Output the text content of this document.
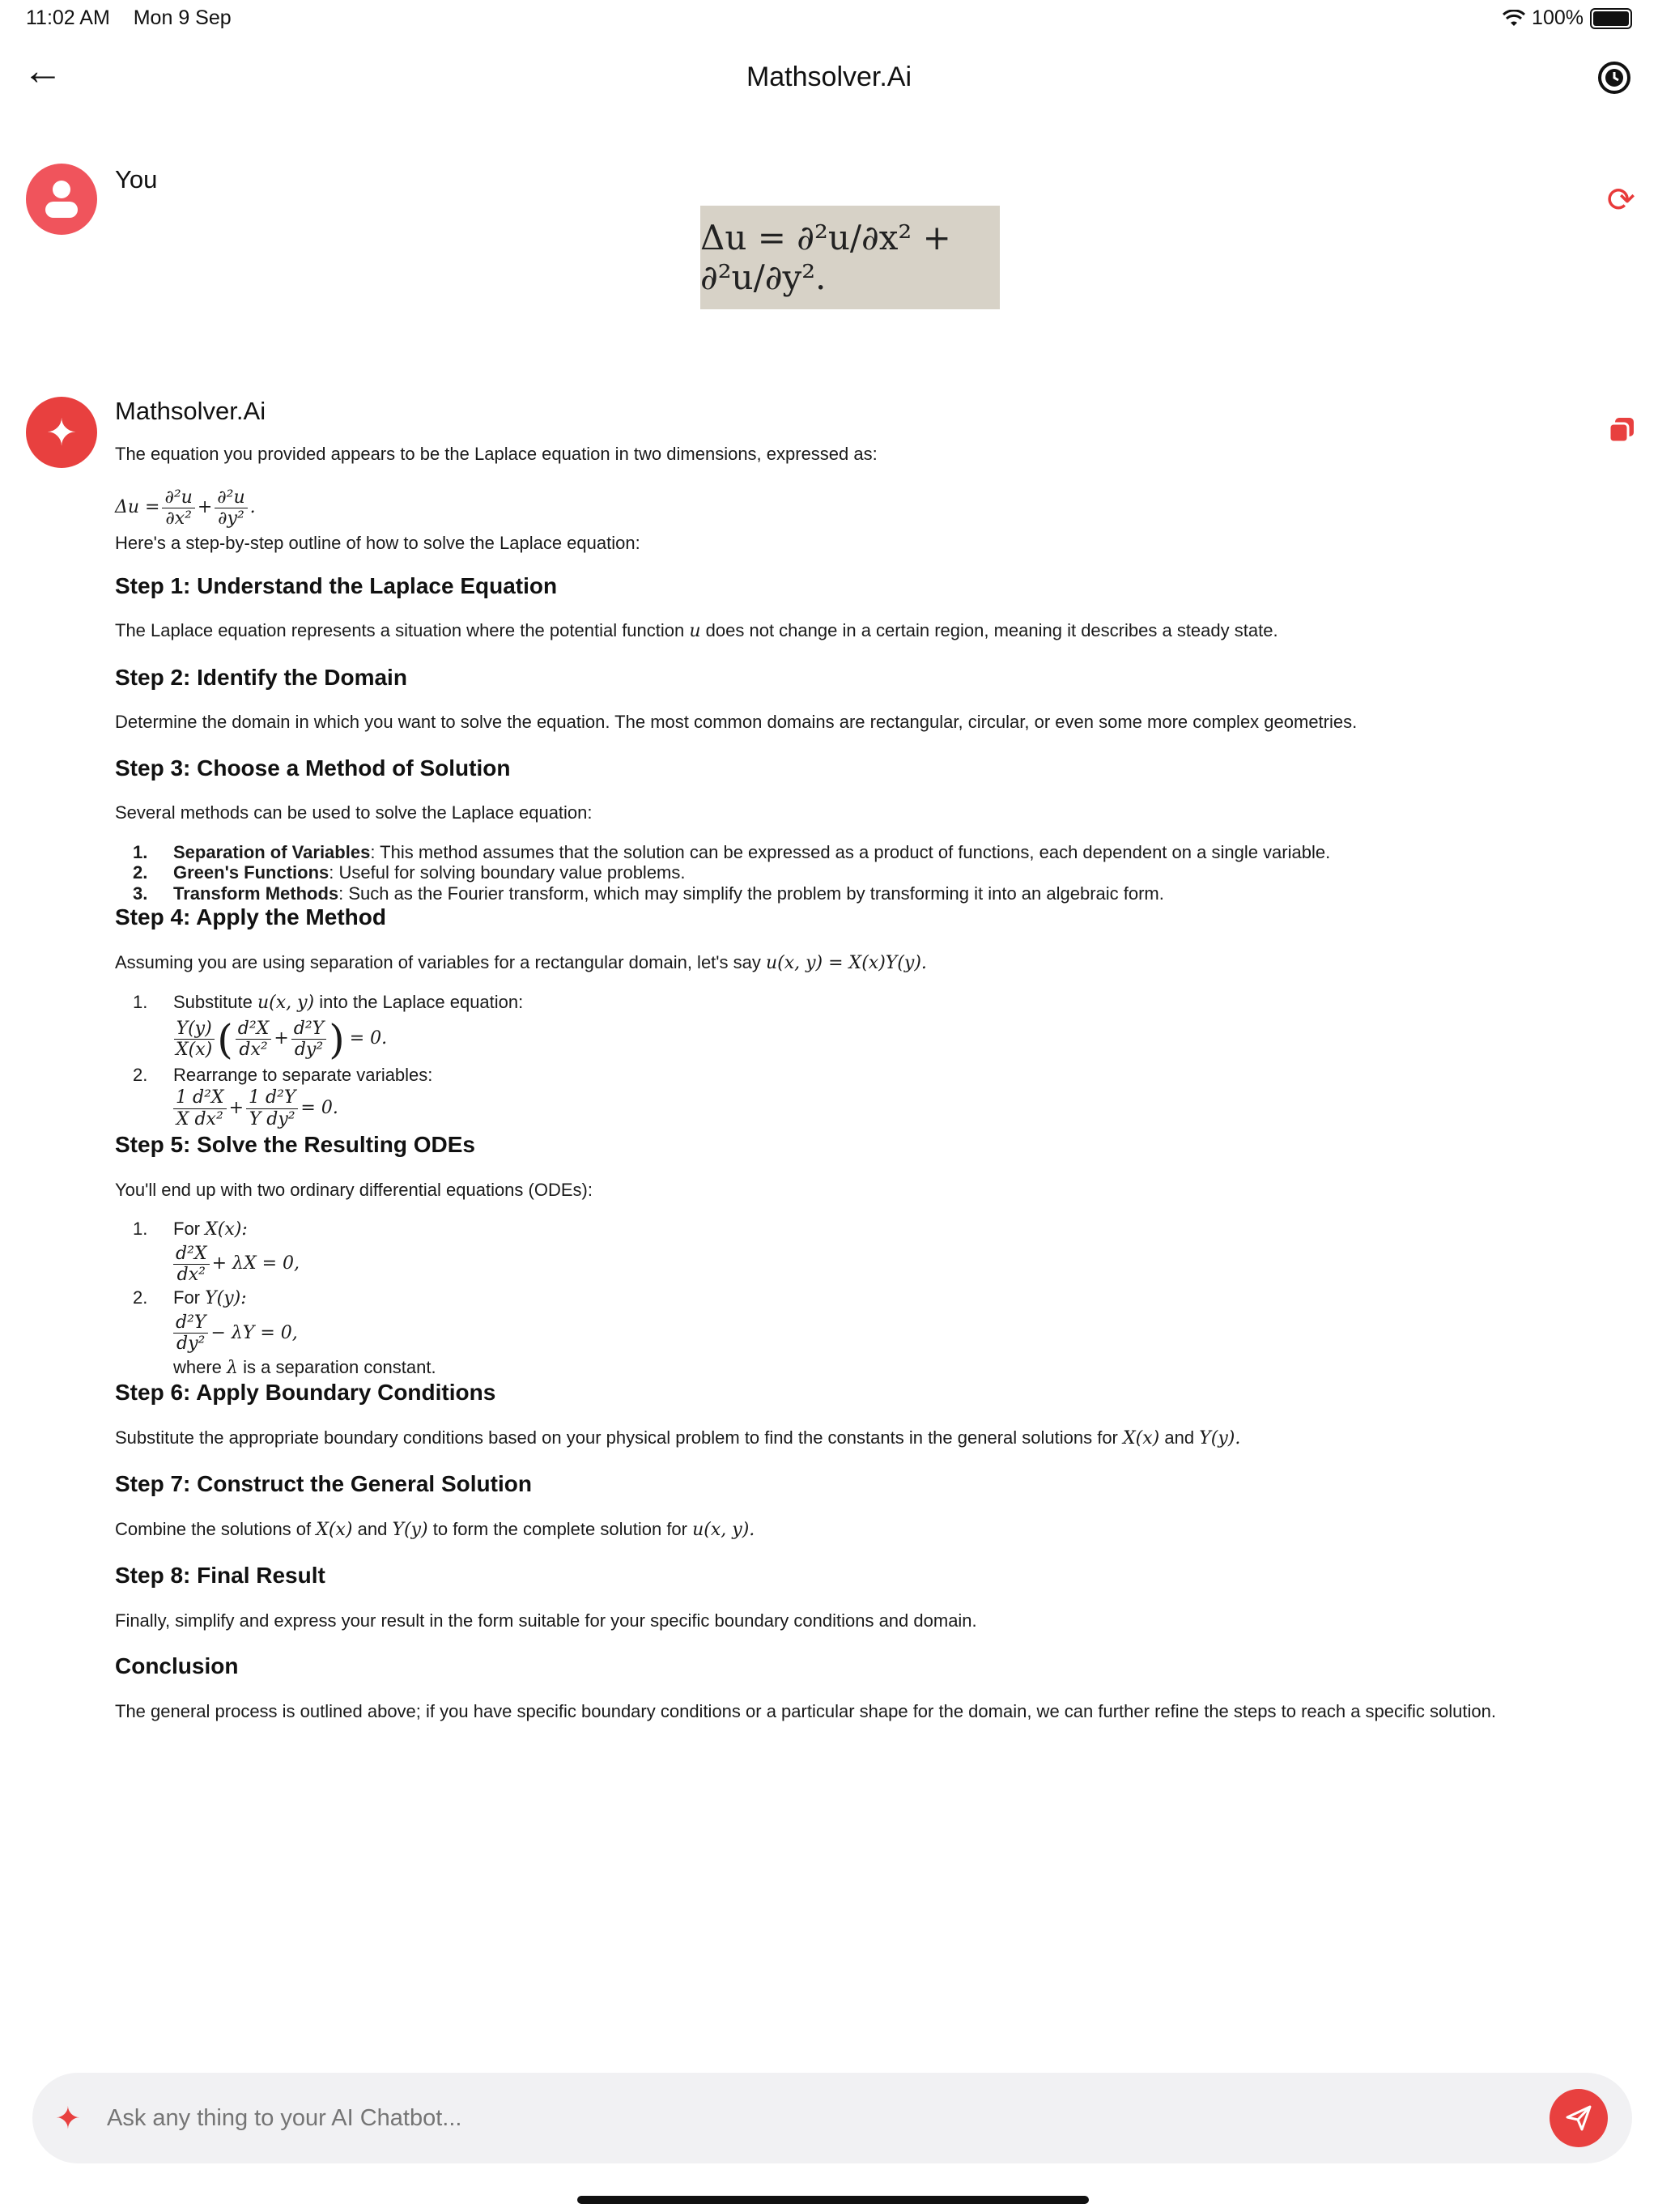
11:02 AM Mon 9 Sep	100%
←	Mathsolver.Ai
You
⟳
Δu = ∂²u/∂x² + ∂²u/∂y².
✦
Mathsolver.Ai

The equation you provided appears to be the Laplace equation in two dimensions, expressed as:

$\Delta u = \frac{\text{∂²u}}{\text{∂x²}} + \frac{\text{∂²u}}{\text{∂y²}}$ .

Here's a step-by-step outline of how to solve the Laplace equation:

Step 1: Understand the Laplace Equation

The Laplace equation represents a situation where the potential function u does not change in a certain region, meaning it describes a steady state.

Step 2: Identify the Domain

Determine the domain in which you want to solve the equation. The most common domains are rectangular, circular, or even some more complex geometries.

Step 3: Choose a Method of Solution

Several methods can be used to solve the Laplace equation:

1.	Separation of Variables: This method assumes that the solution can be expressed as a product of functions, each dependent on a single variable.
2.	Green's Functions: Useful for solving boundary value problems.
3.	Transform Methods: Such as the Fourier transform, which may simplify the problem by transforming it into an algebraic form.
Step 4: Apply the Method

Assuming you are using separation of variables for a rectangular domain, let's say u(x, y) = X(x)Y(y).

1.	Substitute u(x, y) into the Laplace equation:
$\frac{Y(y)}{X(x)}$ ( $\frac{\text{d²X}}{\text{dx²}} + \frac{\text{d²Y}}{\text{dy²}}$ ) = 0.
2.	Rearrange to separate variables:
$\frac{\text{1 d²X}}{\text{X dx²}} + \frac{\text{1 d²Y}}{\text{Y dy²}} = 0$.
Step 5: Solve the Resulting ODEs

You'll end up with two ordinary differential equations (ODEs):

1.	For X(x):
$\frac{\text{d²X}}{\text{dx²}} + \lambda X = 0$,
2.	For Y(y):
$\frac{\text{d²Y}}{\text{dy²}} - \lambda Y = 0$,
where λ is a separation constant.
Step 6: Apply Boundary Conditions

Substitute the appropriate boundary conditions based on your physical problem to find the constants in the general solutions for X(x) and Y(y).

Step 7: Construct the General Solution

Combine the solutions of X(x) and Y(y) to form the complete solution for u(x, y).

Step 8: Final Result

Finally, simplify and express your result in the form suitable for your specific boundary conditions and domain.

Conclusion

The general process is outlined above; if you have specific boundary conditions or a particular shape for the domain, we can further refine the steps to reach a specific solution.

✦
Ask any thing to your AI Chatbot...
